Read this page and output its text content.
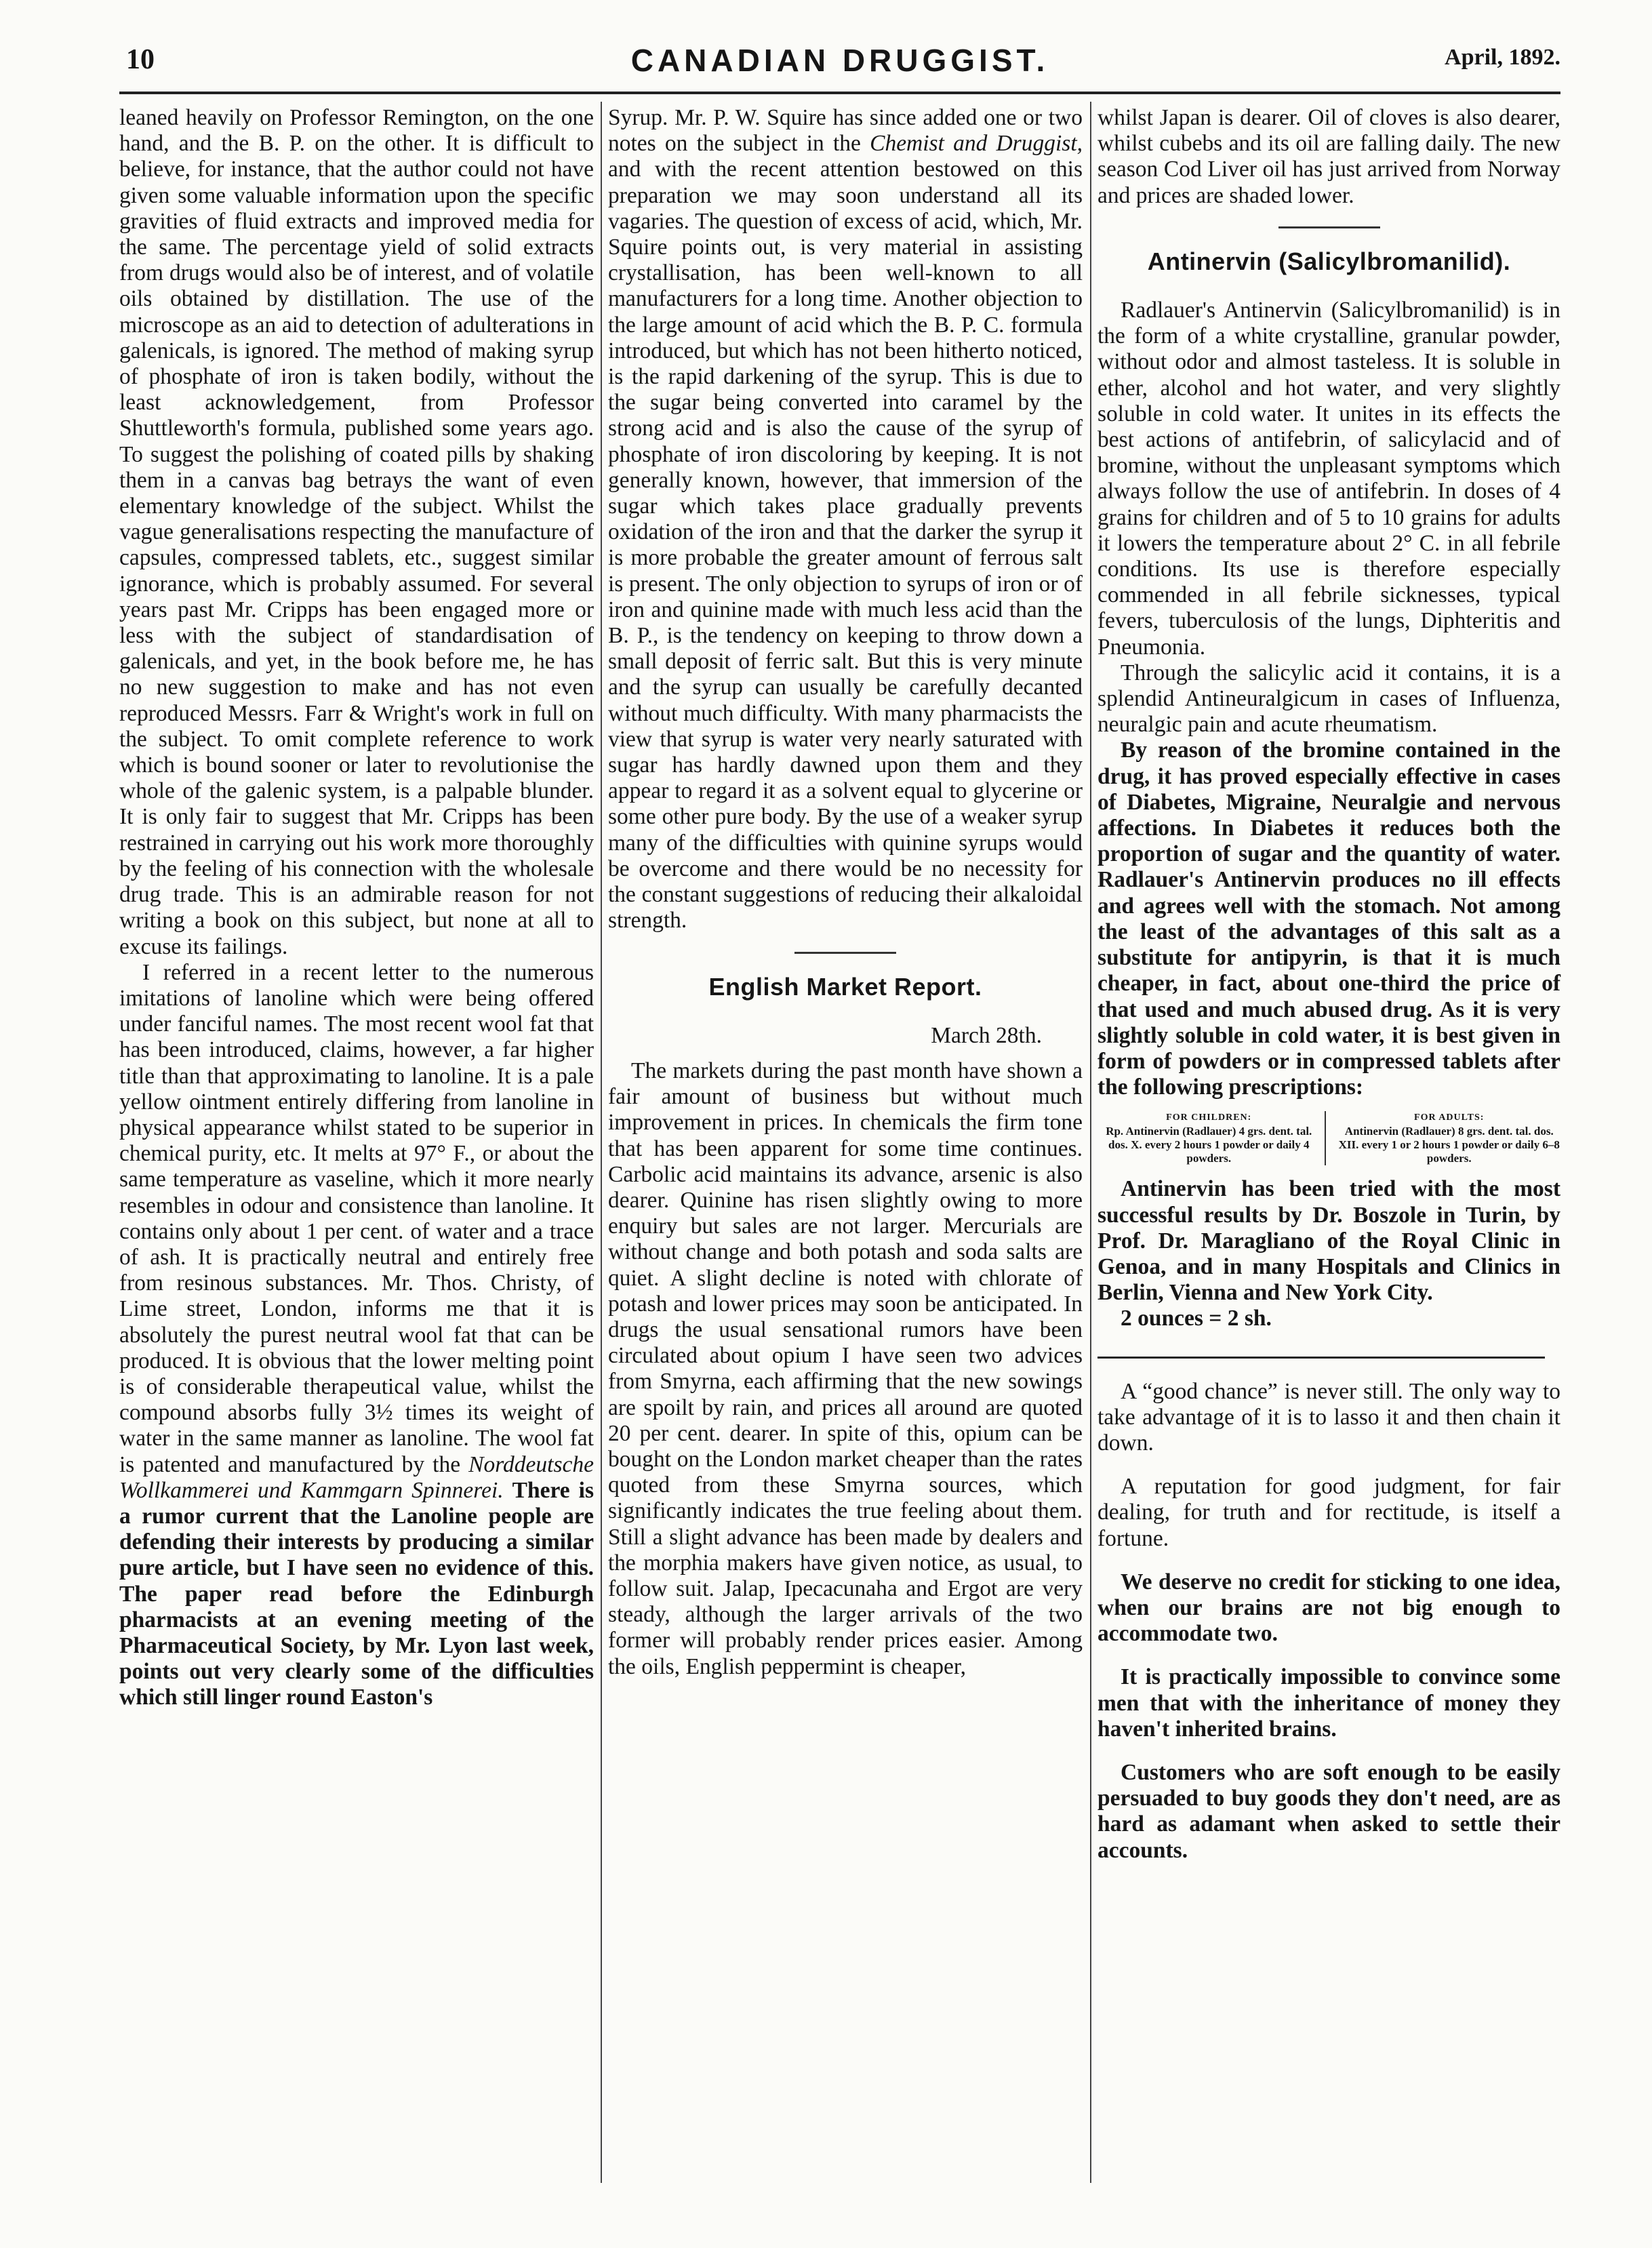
10	CANADIAN DRUGGIST.	April, 1892.

leaned heavily on Professor Remington, on the one hand, and the B. P. on the other. It is difficult to believe, for instance, that the author could not have given some valuable information upon the specific gravities of fluid extracts and improved media for the same. The percentage yield of solid extracts from drugs would also be of interest, and of volatile oils obtained by distillation. The use of the microscope as an aid to detection of adulterations in galenicals, is ignored. The method of making syrup of phosphate of iron is taken bodily, without the least acknowledgement, from Professor Shuttleworth's formula, published some years ago. To suggest the polishing of coated pills by shaking them in a canvas bag betrays the want of even elementary knowledge of the subject. Whilst the vague generalisations respecting the manufacture of capsules, compressed tablets, etc., suggest similar ignorance, which is probably assumed. For several years past Mr. Cripps has been engaged more or less with the subject of standardisation of galenicals, and yet, in the book before me, he has no new suggestion to make and has not even reproduced Messrs. Farr & Wright's work in full on the subject. To omit complete reference to work which is bound sooner or later to revolutionise the whole of the galenic system, is a palpable blunder. It is only fair to suggest that Mr. Cripps has been restrained in carrying out his work more thoroughly by the feeling of his connection with the wholesale drug trade. This is an admirable reason for not writing a book on this subject, but none at all to excuse its failings.

I referred in a recent letter to the numerous imitations of lanoline which were being offered under fanciful names. The most recent wool fat that has been introduced, claims, however, a far higher title than that approximating to lanoline. It is a pale yellow ointment entirely differing from lanoline in physical appearance whilst stated to be superior in chemical purity, etc. It melts at 97° F., or about the same temperature as vaseline, which it more nearly resembles in odour and consistence than lanoline. It contains only about 1 per cent. of water and a trace of ash. It is practically neutral and entirely free from resinous substances. Mr. Thos. Christy, of Lime street, London, informs me that it is absolutely the purest neutral wool fat that can be produced. It is obvious that the lower melting point is of considerable therapeutical value, whilst the compound absorbs fully 3½ times its weight of water in the same manner as lanoline. The wool fat is patented and manufactured by the Norddeutsche Wollkammerei und Kammgarn Spinnerei. There is a rumor current that the Lanoline people are defending their interests by producing a similar pure article, but I have seen no evidence of this. The paper read before the Edinburgh pharmacists at an evening meeting of the Pharmaceutical Society, by Mr. Lyon last week, points out very clearly some of the difficulties which still linger round Easton's

Syrup. Mr. P. W. Squire has since added one or two notes on the subject in the Chemist and Druggist, and with the recent attention bestowed on this preparation we may soon understand all its vagaries. The question of excess of acid, which, Mr. Squire points out, is very material in assisting crystallisation, has been well-known to all manufacturers for a long time. Another objection to the large amount of acid which the B. P. C. formula introduced, but which has not been hitherto noticed, is the rapid darkening of the syrup. This is due to the sugar being converted into caramel by the strong acid and is also the cause of the syrup of phosphate of iron discoloring by keeping. It is not generally known, however, that immersion of the sugar which takes place gradually prevents oxidation of the iron and that the darker the syrup it is more probable the greater amount of ferrous salt is present. The only objection to syrups of iron or of iron and quinine made with much less acid than the B. P., is the tendency on keeping to throw down a small deposit of ferric salt. But this is very minute and the syrup can usually be carefully decanted without much difficulty. With many pharmacists the view that syrup is water very nearly saturated with sugar has hardly dawned upon them and they appear to regard it as a solvent equal to glycerine or some other pure body. By the use of a weaker syrup many of the difficulties with quinine syrups would be overcome and there would be no necessity for the constant suggestions of reducing their alkaloidal strength.

English Market Report.
March 28th.

The markets during the past month have shown a fair amount of business but without much improvement in prices. In chemicals the firm tone that has been apparent for some time continues. Carbolic acid maintains its advance, arsenic is also dearer. Quinine has risen slightly owing to more enquiry but sales are not larger. Mercurials are without change and both potash and soda salts are quiet. A slight decline is noted with chlorate of potash and lower prices may soon be anticipated. In drugs the usual sensational rumors have been circulated about opium I have seen two advices from Smyrna, each affirming that the new sowings are spoilt by rain, and prices all around are quoted 20 per cent. dearer. In spite of this, opium can be bought on the London market cheaper than the rates quoted from these Smyrna sources, which significantly indicates the true feeling about them. Still a slight advance has been made by dealers and the morphia makers have given notice, as usual, to follow suit. Jalap, Ipecacunaha and Ergot are very steady, although the larger arrivals of the two former will probably render prices easier. Among the oils, English peppermint is cheaper,

whilst Japan is dearer. Oil of cloves is also dearer, whilst cubebs and its oil are falling daily. The new season Cod Liver oil has just arrived from Norway and prices are shaded lower.

Antinervin (Salicylbromanilid).

Radlauer's Antinervin (Salicylbromanilid) is in the form of a white crystalline, granular powder, without odor and almost tasteless. It is soluble in ether, alcohol and hot water, and very slightly soluble in cold water. It unites in its effects the best actions of antifebrin, of salicylacid and of bromine, without the unpleasant symptoms which always follow the use of antifebrin. In doses of 4 grains for children and of 5 to 10 grains for adults it lowers the temperature about 2° C. in all febrile conditions. Its use is therefore especially commended in all febrile sicknesses, typical fevers, tuberculosis of the lungs, Diphteritis and Pneumonia.

Through the salicylic acid it contains, it is a splendid Antineuralgicum in cases of Influenza, neuralgic pain and acute rheumatism.

By reason of the bromine contained in the drug, it has proved especially effective in cases of Diabetes, Migraine, Neuralgie and nervous affections. In Diabetes it reduces both the proportion of sugar and the quantity of water. Radlauer's Antinervin produces no ill effects and agrees well with the stomach. Not among the least of the advantages of this salt as a substitute for antipyrin, is that it is much cheaper, in fact, about one-third the price of that used and much abused drug. As it is very slightly soluble in cold water, it is best given in form of powders or in compressed tablets after the following prescriptions:

FOR CHILDREN:
Rp. Antinervin (Radlauer) 4 grs. dent. tal. dos. X. every 2 hours 1 powder or daily 4 powders.
FOR ADULTS:
Antinervin (Radlauer) 8 grs. dent. tal. dos. XII. every 1 or 2 hours 1 powder or daily 6–8 powders.

Antinervin has been tried with the most successful results by Dr. Boszole in Turin, by Prof. Dr. Maragliano of the Royal Clinic in Genoa, and in many Hospitals and Clinics in Berlin, Vienna and New York City.

2 ounces = 2 sh.

A “good chance” is never still. The only way to take advantage of it is to lasso it and then chain it down.

A reputation for good judgment, for fair dealing, for truth and for rectitude, is itself a fortune.

We deserve no credit for sticking to one idea, when our brains are not big enough to accommodate two.

It is practically impossible to convince some men that with the inheritance of money they haven't inherited brains.

Customers who are soft enough to be easily persuaded to buy goods they don't need, are as hard as adamant when asked to settle their accounts.
